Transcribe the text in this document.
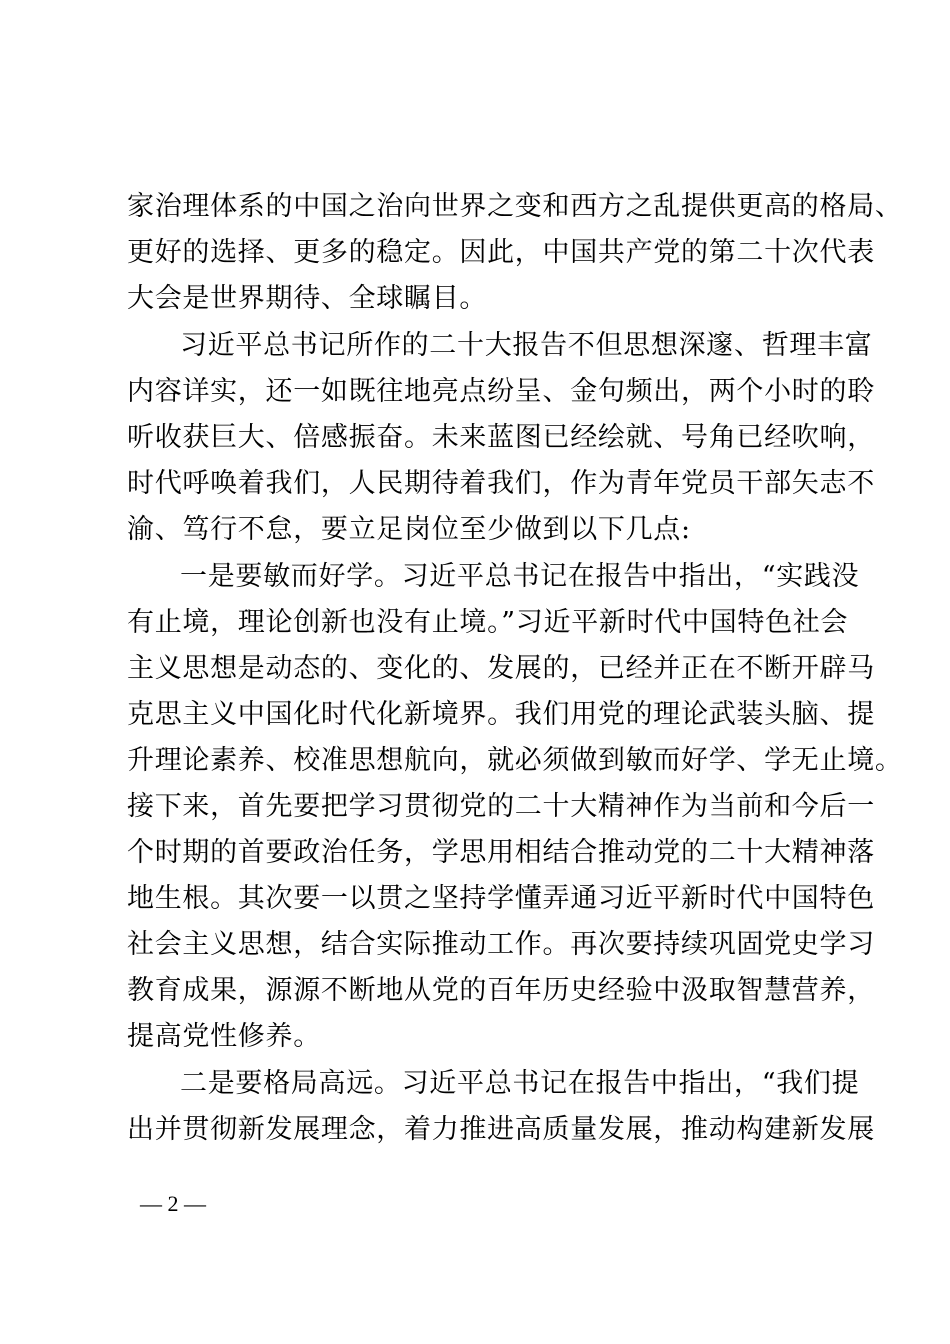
家治理体系的中国之治向世界之变和西方之乱提供更高的格局、
更好的选择、更多的稳定。因此，中国共产党的第二十次代表
大会是世界期待、全球瞩目。
习近平总书记所作的二十大报告不但思想深邃、哲理丰富
内容详实，还一如既往地亮点纷呈、金句频出，两个小时的聆
听收获巨大、倍感振奋。未来蓝图已经绘就、号角已经吹响，
时代呼唤着我们，人民期待着我们，作为青年党员干部矢志不
渝、笃行不怠，要立足岗位至少做到以下几点:
一是要敏而好学。习近平总书记在报告中指出，“实践没
有止境，理论创新也没有止境。”习近平新时代中国特色社会
主义思想是动态的、变化的、发展的，已经并正在不断开辟马
克思主义中国化时代化新境界。我们用党的理论武装头脑、提
升理论素养、校准思想航向，就必须做到敏而好学、学无止境。
接下来，首先要把学习贯彻党的二十大精神作为当前和今后一
个时期的首要政治任务，学思用相结合推动党的二十大精神落
地生根。其次要一以贯之坚持学懂弄通习近平新时代中国特色
社会主义思想，结合实际推动工作。再次要持续巩固党史学习
教育成果，源源不断地从党的百年历史经验中汲取智慧营养，
提高党性修养。
二是要格局高远。习近平总书记在报告中指出，“我们提
出并贯彻新发展理念，着力推进高质量发展，推动构建新发展
— 2 —
